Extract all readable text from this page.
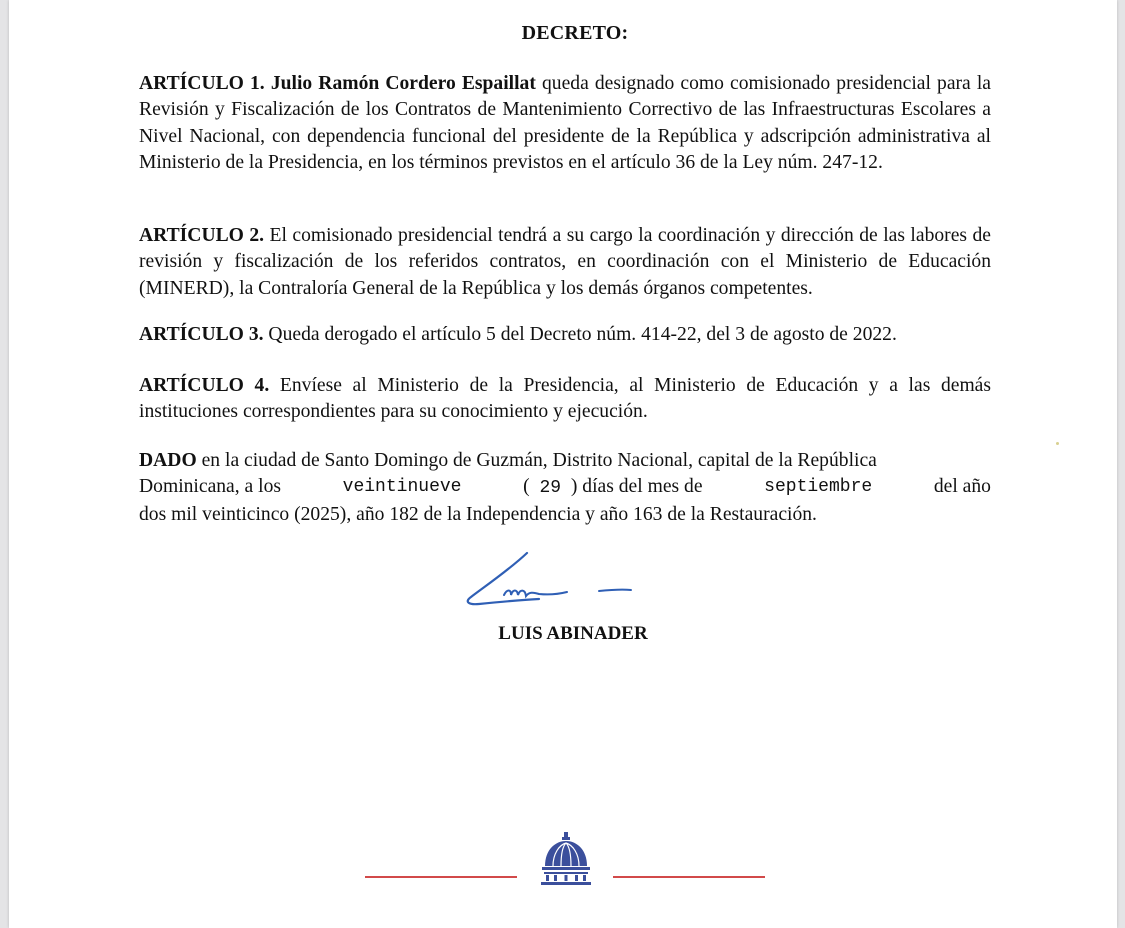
DECRETO:
ARTÍCULO 1. Julio Ramón Cordero Espaillat queda designado como comisionado presidencial para la Revisión y Fiscalización de los Contratos de Mantenimiento Correctivo de las Infraestructuras Escolares a Nivel Nacional, con dependencia funcional del presidente de la República y adscripción administrativa al Ministerio de la Presidencia, en los términos previstos en el artículo 36 de la Ley núm. 247-12.
ARTÍCULO 2. El comisionado presidencial tendrá a su cargo la coordinación y dirección de las labores de revisión y fiscalización de los referidos contratos, en coordinación con el Ministerio de Educación (MINERD), la Contraloría General de la República y los demás órganos competentes.
ARTÍCULO 3. Queda derogado el artículo 5 del Decreto núm. 414-22, del 3 de agosto de 2022.
ARTÍCULO 4. Envíese al Ministerio de la Presidencia, al Ministerio de Educación y a las demás instituciones correspondientes para su conocimiento y ejecución.
DADO en la ciudad de Santo Domingo de Guzmán, Distrito Nacional, capital de la República
Dominicana, a los	veintinueve	( 29 ) días del mes de	septiembre	del año
dos mil veinticinco (2025), año 182 de la Independencia y año 163 de la Restauración.
LUIS ABINADER
